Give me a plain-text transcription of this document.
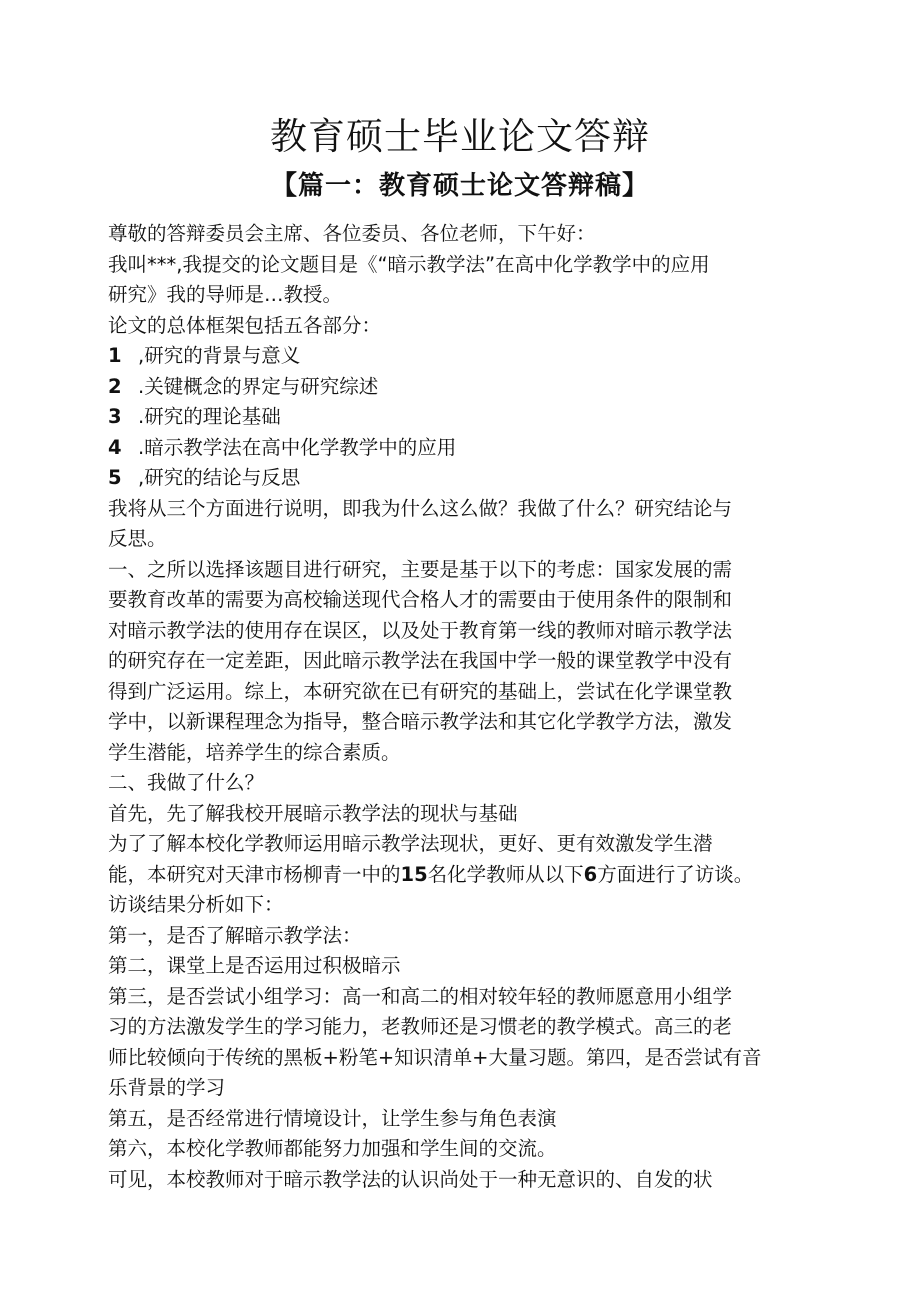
教育硕士毕业论文答辩
【篇一：教育硕士论文答辩稿】
尊敬的答辩委员会主席、各位委员、各位老师，下午好：
我叫***,我提交的论文题目是《“暗示教学法”在高中化学教学中的应用
研究》我的导师是…教授。
论文的总体框架包括五各部分：
1 ,研究的背景与意义
2 .关键概念的界定与研究综述
3 .研究的理论基础
4 .暗示教学法在高中化学教学中的应用
5 ,研究的结论与反思
我将从三个方面进行说明，即我为什么这么做？我做了什么？研究结论与
反思。
一、之所以选择该题目进行研究，主要是基于以下的考虑：国家发展的需
要教育改革的需要为高校输送现代合格人才的需要由于使用条件的限制和
对暗示教学法的使用存在误区，以及处于教育第一线的教师对暗示教学法
的研究存在一定差距，因此暗示教学法在我国中学一般的课堂教学中没有
得到广泛运用。综上，本研究欲在已有研究的基础上，尝试在化学课堂教
学中，以新课程理念为指导，整合暗示教学法和其它化学教学方法，激发
学生潜能，培养学生的综合素质。
二、我做了什么？
首先，先了解我校开展暗示教学法的现状与基础
为了了解本校化学教师运用暗示教学法现状，更好、更有效激发学生潜
能，本研究对天津市杨柳青一中的15名化学教师从以下6方面进行了访谈。
访谈结果分析如下：
第一，是否了解暗示教学法：
第二，课堂上是否运用过积极暗示
第三，是否尝试小组学习：高一和高二的相对较年轻的教师愿意用小组学
习的方法激发学生的学习能力，老教师还是习惯老的教学模式。高三的老
师比较倾向于传统的黑板+粉笔+知识清单+大量习题。第四，是否尝试有音
乐背景的学习
第五，是否经常进行情境设计，让学生参与角色表演
第六，本校化学教师都能努力加强和学生间的交流。
可见，本校教师对于暗示教学法的认识尚处于一种无意识的、自发的状
